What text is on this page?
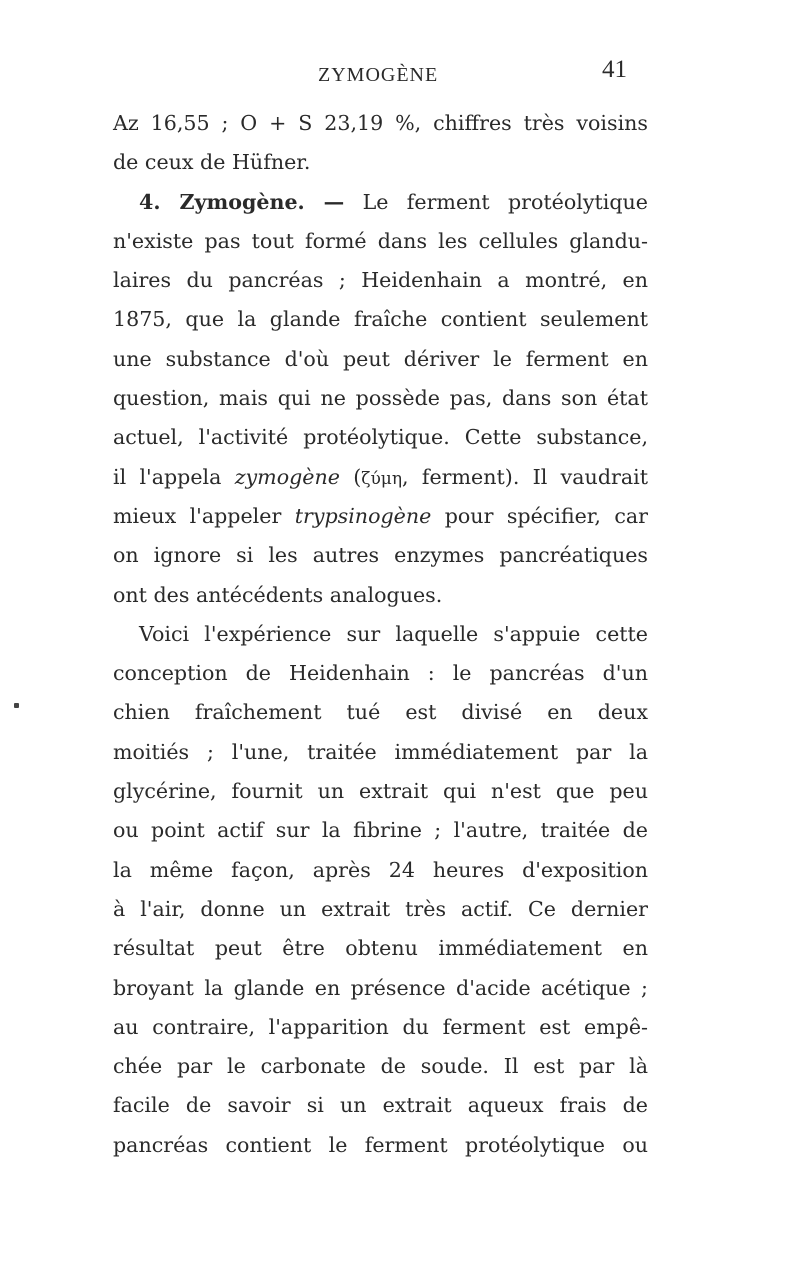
ZYMOGÈNE	41
Az 16,55 ; O + S 23,19 %, chiffres très voisins
de ceux de Hüfner.
4. Zymogène. — Le ferment protéolytique
n'existe pas tout formé dans les cellules glandu-
laires du pancréas ; Heidenhain a montré, en
1875, que la glande fraîche contient seulement
une substance d'où peut dériver le ferment en
question, mais qui ne possède pas, dans son état
actuel, l'activité protéolytique. Cette substance,
il l'appela zymogène (ζύμη, ferment). Il vaudrait
mieux l'appeler trypsinogène pour spécifier, car
on ignore si les autres enzymes pancréatiques
ont des antécédents analogues.
Voici l'expérience sur laquelle s'appuie cette
conception de Heidenhain : le pancréas d'un
chien fraîchement tué est divisé en deux
moitiés ; l'une, traitée immédiatement par la
glycérine, fournit un extrait qui n'est que peu
ou point actif sur la fibrine ; l'autre, traitée de
la même façon, après 24 heures d'exposition
à l'air, donne un extrait très actif. Ce dernier
résultat peut être obtenu immédiatement en
broyant la glande en présence d'acide acétique ;
au contraire, l'apparition du ferment est empê-
chée par le carbonate de soude. Il est par là
facile de savoir si un extrait aqueux frais de
pancréas contient le ferment protéolytique ou
